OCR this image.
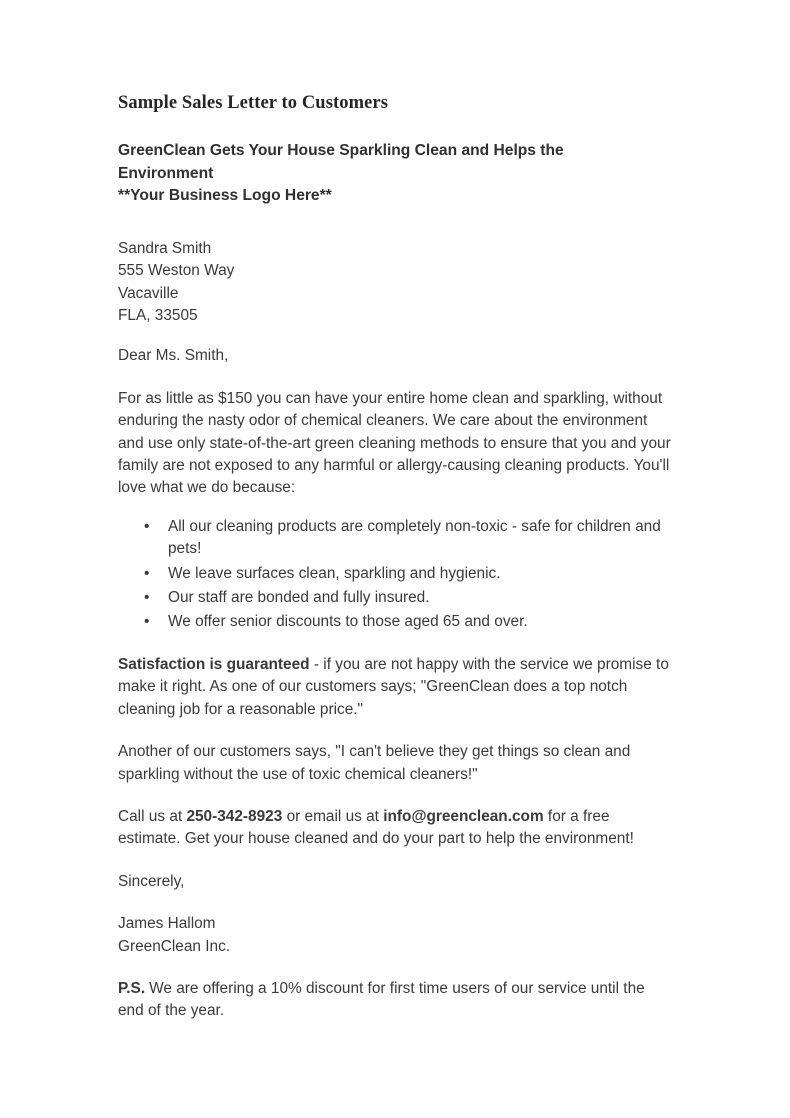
Sample Sales Letter to Customers
GreenClean Gets Your House Sparkling Clean and Helps the
Environment
**Your Business Logo Here**
Sandra Smith
555 Weston Way
Vacaville
FLA, 33505
Dear Ms. Smith,

For as little as $150 you can have your entire home clean and sparkling, without enduring the nasty odor of chemical cleaners. We care about the environment and use only state-of-the-art green cleaning methods to ensure that you and your family are not exposed to any harmful or allergy-causing cleaning products. You'll love what we do because:

• All our cleaning products are completely non-toxic - safe for children and pets!
• We leave surfaces clean, sparkling and hygienic.
• Our staff are bonded and fully insured.
• We offer senior discounts to those aged 65 and over.

Satisfaction is guaranteed - if you are not happy with the service we promise to make it right. As one of our customers says; "GreenClean does a top notch cleaning job for a reasonable price."

Another of our customers says, "I can't believe they get things so clean and sparkling without the use of toxic chemical cleaners!"

Call us at 250-342-8923 or email us at info@greenclean.com for a free estimate. Get your house cleaned and do your part to help the environment!

Sincerely,
James Hallom
GreenClean Inc.

P.S. We are offering a 10% discount for first time users of our service until the end of the year.
